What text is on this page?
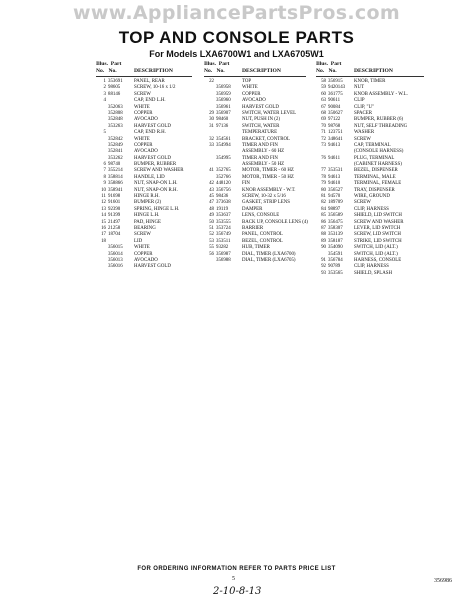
www.AppliancePartsPros.com
TOP AND CONSOLE PARTS
For Models LXA6700W1 and LXA6705W1
Illus. Part
No. No.	DESCRIPTION
1 353691 PANEL, REAR
2 98605	SCREW, 10-16 x 1/2
3 88146	SCREW
4	CAP, END L.H.
352063 WHITE
352808 COPPER
352848 AVOCADO
353263 HARVEST GOLD
5	CAP, END R.H.
352842 WHITE
352849 COPPER
352841 AVOCADO
353262 HARVEST GOLD
6 98740	BUMPER, RUBBER
7 355214 SCREW AND WASHER
8 358814 HANDLE, LID
9 358866 NUT, SNAP-ON L.H.
10 358941 NUT, SNAP-ON R.H.
11 91698	HINGE R.H.
12 91601	BUMPER (2)
13 92390	SPRING, HINGE L.H.
14 91399	HINGE L.H.
15 21497	PAD, HINGE
16 21258	BEARING
17 18704	SCREW
18	LID
356015 WHITE
356014 COPPER
356013 AVOCADO
356016 HARVEST GOLD
Illus. Part
No. No.	DESCRIPTION
22	TOP
356958 WHITE
356959 COPPER
356960 AVOCADO
356961 HARVEST GOLD
29 356907 SWITCH, WATER LEVEL
30 98460	NUT, PUSH IN (2)
31 97136	SWITCH, WATER
TEMPERATURE
32 354561 BRACKET, CONTROL
33 354994 TIMER AND FIN
ASSEMBLY - 60 HZ
354995 TIMER AND FIN
ASSEMBLY - 50 HZ
41 352765 MOTOR, TIMER - 60 HZ
352766 MOTOR, TIMER - 50 HZ
42 448120 FIN
43 356756 KNOB ASSEMBLY - W.T.
45 98436	SCREW, 10-32 x 5/16
47 373638 GASKET, STRIP LENS
48 19119	DAMPER
49 353637 LENS, CONSOLE
50 353555 BACK UP, CONSOLE LENS (4)
51 353724 BARRIER
52 356749 PANEL, CONTROL
53 353511 BEZEL, CONTROL
55 93282	HUB, TIMER
56 356987 DIAL, TIMER (LXA6700)
356988 DIAL, TIMER (LXA6705)
Illus. Part
No. No.	DESCRIPTION
58 356915 KNOB, TIMER
59 9420143 NUT
60 361775 KNOB ASSEMBLY - W.L.
63 90611	CLIP
67 90084	CLIP, "U"
68 350627 SPACER
69 97122	BUMPER, RUBBER (6)
70 98768	NUT, SELF THREADING
71 123751 WASHER
72 348641 SCREW
73 94613	CAP, TERMINAL
(CONSOLE HARNESS)
76 94611	PLUG, TERMINAL
(CABINET HARNESS)
77 353531 BEZEL, DISPENSER
78 94613	TERMINAL, MALE
79 94610	TERMINAL, FEMALE
80 356527 TRAY, DISPENSER
81 94570	WIRE, GROUND
82 189709 SCREW
84 98897	CLIP, HARNESS
85 356589 SHIELD, LID SWITCH
86 356475 SCREW AND WASHER
87 358307 LEVER, LID SWITCH
88 353139 SCREW, LID SWITCH
89 358187 STRIKE, LID SWITCH
90 354090 SWITCH, LID (ALT.)
354591 SWITCH, LID (ALT.)
91 356784 HARNESS, CONSOLE
92 90789	CLIP, HARNESS
93 353565 SHIELD, SPLASH
FOR ORDERING INFORMATION REFER TO PARTS PRICE LIST
5	356986
2-10-8-13
